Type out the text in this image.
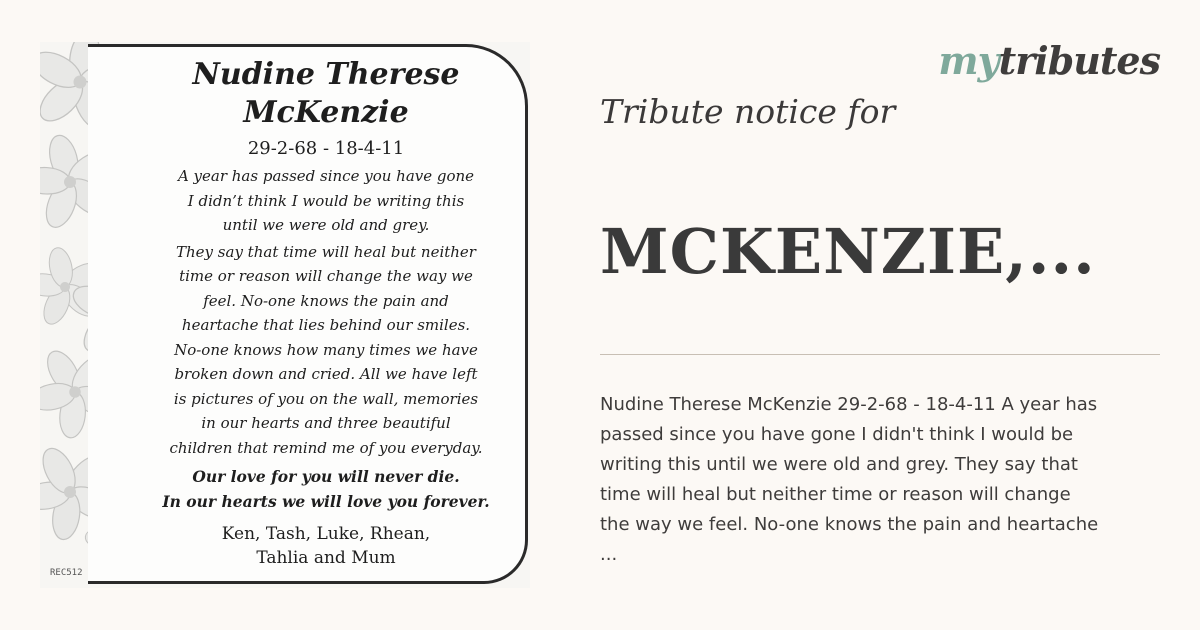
Nudine Therese
McKenzie
29-2-68 - 18-4-11
A year has passed since you have gone
I didn’t think I would be writing this
until we were old and grey.
They say that time will heal but neither
time or reason will change the way we
feel. No-one knows the pain and
heartache that lies behind our smiles.
No-one knows how many times we have
broken down and cried. All we have left
is pictures of you on the wall, memories
in our hearts and three beautiful
children that remind me of you everyday.
Our love for you will never die.
In our hearts we will love you forever.
Ken, Tash, Luke, Rhean,
Tahlia and Mum
REC512
mytributes
Tribute notice for
MCKENZIE,...
Nudine Therese McKenzie 29-2-68 - 18-4-11 A year has
passed since you have gone I didn't think I would be
writing this until we were old and grey. They say that
time will heal but neither time or reason will change
the way we feel. No-one knows the pain and heartache
...
